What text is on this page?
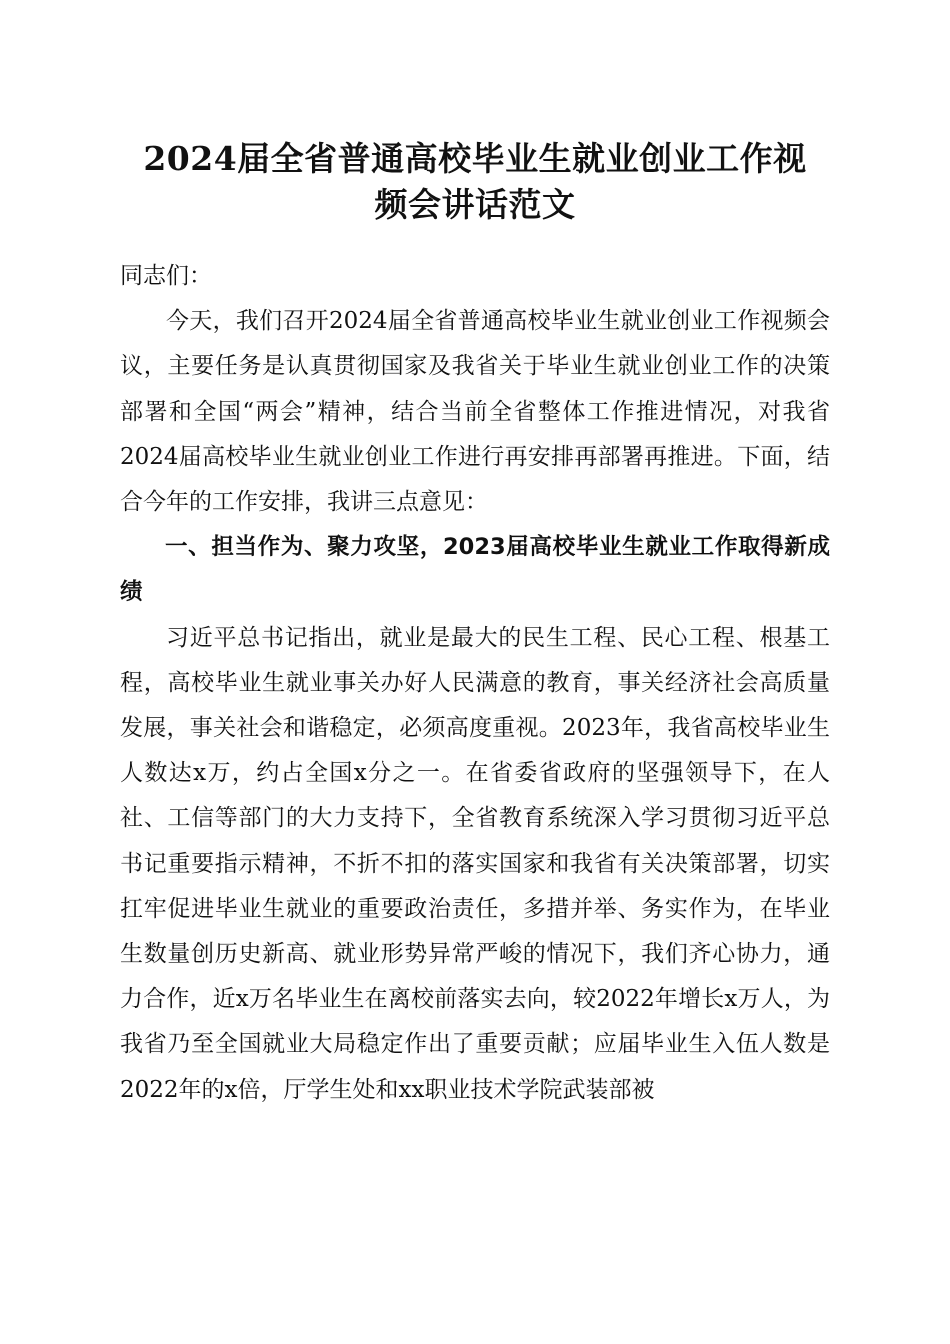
2024届全省普通高校毕业生就业创业工作视
频会讲话范文

同志们：

今天，我们召开2024届全省普通高校毕业生就业创业工作视频会议，主要任务是认真贯彻国家及我省关于毕业生就业创业工作的决策部署和全国“两会”精神，结合当前全省整体工作推进情况，对我省2024届高校毕业生就业创业工作进行再安排再部署再推进。下面，结合今年的工作安排，我讲三点意见：

一、担当作为、聚力攻坚，2023届高校毕业生就业工作取得新成绩

习近平总书记指出，就业是最大的民生工程、民心工程、根基工程，高校毕业生就业事关办好人民满意的教育，事关经济社会高质量发展，事关社会和谐稳定，必须高度重视。2023年，我省高校毕业生人数达x万，约占全国x分之一。在省委省政府的坚强领导下，在人社、工信等部门的大力支持下，全省教育系统深入学习贯彻习近平总书记重要指示精神，不折不扣的落实国家和我省有关决策部署，切实扛牢促进毕业生就业的重要政治责任，多措并举、务实作为，在毕业生数量创历史新高、就业形势异常严峻的情况下，我们齐心协力，通力合作，近x万名毕业生在离校前落实去向，较2022年增长x万人，为我省乃至全国就业大局稳定作出了重要贡献；应届毕业生入伍人数是2022年的x倍，厅学生处和xx职业技术学院武装部被
